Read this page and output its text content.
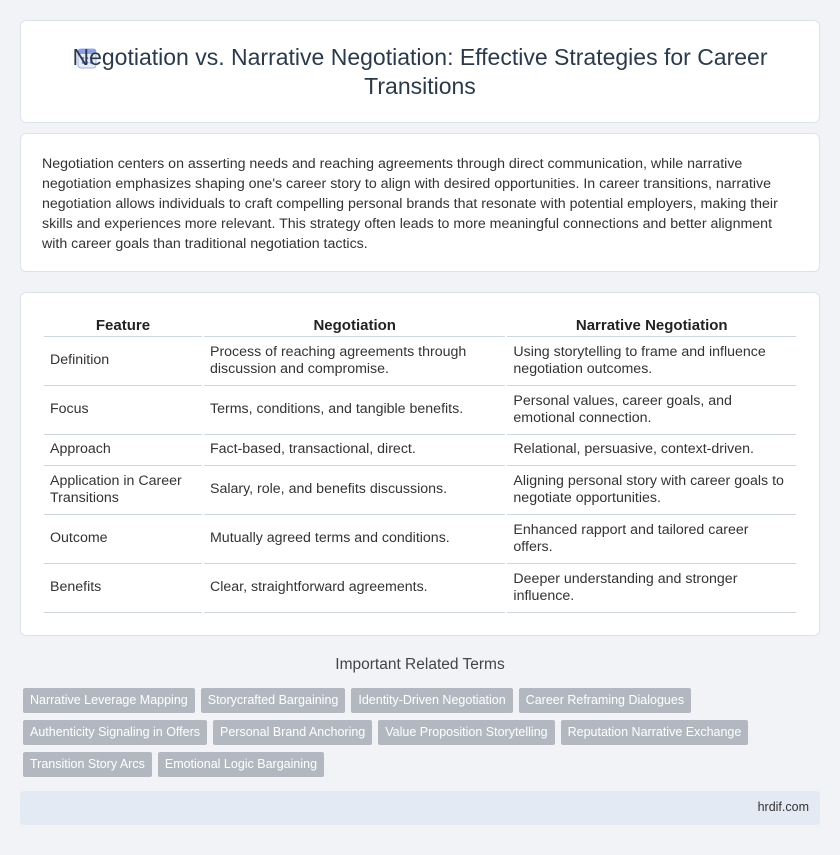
Negotiation vs. Narrative Negotiation: Effective Strategies for Career Transitions

Negotiation centers on asserting needs and reaching agreements through direct communication, while narrative negotiation emphasizes shaping one's career story to align with desired opportunities. In career transitions, narrative negotiation allows individuals to craft compelling personal brands that resonate with potential employers, making their skills and experiences more relevant. This strategy often leads to more meaningful connections and better alignment with career goals than traditional negotiation tactics.

Feature	Negotiation	Narrative Negotiation
Definition	Process of reaching agreements through discussion and compromise.	Using storytelling to frame and influence negotiation outcomes.
Focus	Terms, conditions, and tangible benefits.	Personal values, career goals, and emotional connection.
Approach	Fact-based, transactional, direct.	Relational, persuasive, context-driven.
Application in Career Transitions	Salary, role, and benefits discussions.	Aligning personal story with career goals to negotiate opportunities.
Outcome	Mutually agreed terms and conditions.	Enhanced rapport and tailored career offers.
Benefits	Clear, straightforward agreements.	Deeper understanding and stronger influence.
Important Related Terms
Narrative Leverage Mapping Storycrafted Bargaining Identity-Driven Negotiation Career Reframing Dialogues
Authenticity Signaling in Offers Personal Brand Anchoring Value Proposition Storytelling Reputation Narrative Exchange
Transition Story Arcs Emotional Logic Bargaining
hrdif.com
